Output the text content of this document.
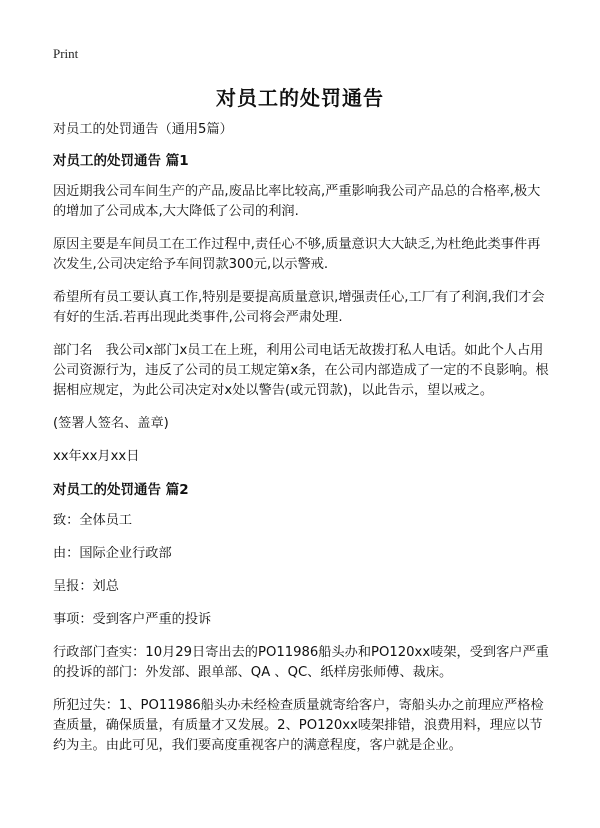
Print
对员工的处罚通告

对员工的处罚通告（通用5篇）

对员工的处罚通告 篇1

因近期我公司车间生产的产品,废品比率比较高,严重影响我公司产品总的合格率,极大的增加了公司成本,大大降低了公司的利润.

原因主要是车间员工在工作过程中,责任心不够,质量意识大大缺乏,为杜绝此类事件再次发生,公司决定给予车间罚款300元,以示警戒.

希望所有员工要认真工作,特别是要提高质量意识,增强责任心,工厂有了利润,我们才会有好的生活.若再出现此类事件,公司将会严肃处理.

部门名　我公司x部门x员工在上班，利用公司电话无故拨打私人电话。如此个人占用公司资源行为，违反了公司的员工规定第x条，在公司内部造成了一定的不良影响。根据相应规定，为此公司决定对x处以警告(或元罚款)，以此告示，望以戒之。

(签署人签名、盖章)

xx年xx月xx日

对员工的处罚通告 篇2

致：全体员工

由：国际企业行政部

呈报：刘总

事项：受到客户严重的投诉

行政部门查实：10月29日寄出去的PO11986船头办和PO120xx唛架，受到客户严重的投诉的部门：外发部、跟单部、QA 、QC、纸样房张师傅、裁床。

所犯过失：1、PO11986船头办未经检查质量就寄给客户，寄船头办之前理应严格检查质量，确保质量，有质量才又发展。2、PO120xx唛架排错，浪费用料，理应以节约为主。由此可见，我们要高度重视客户的满意程度，客户就是企业。
